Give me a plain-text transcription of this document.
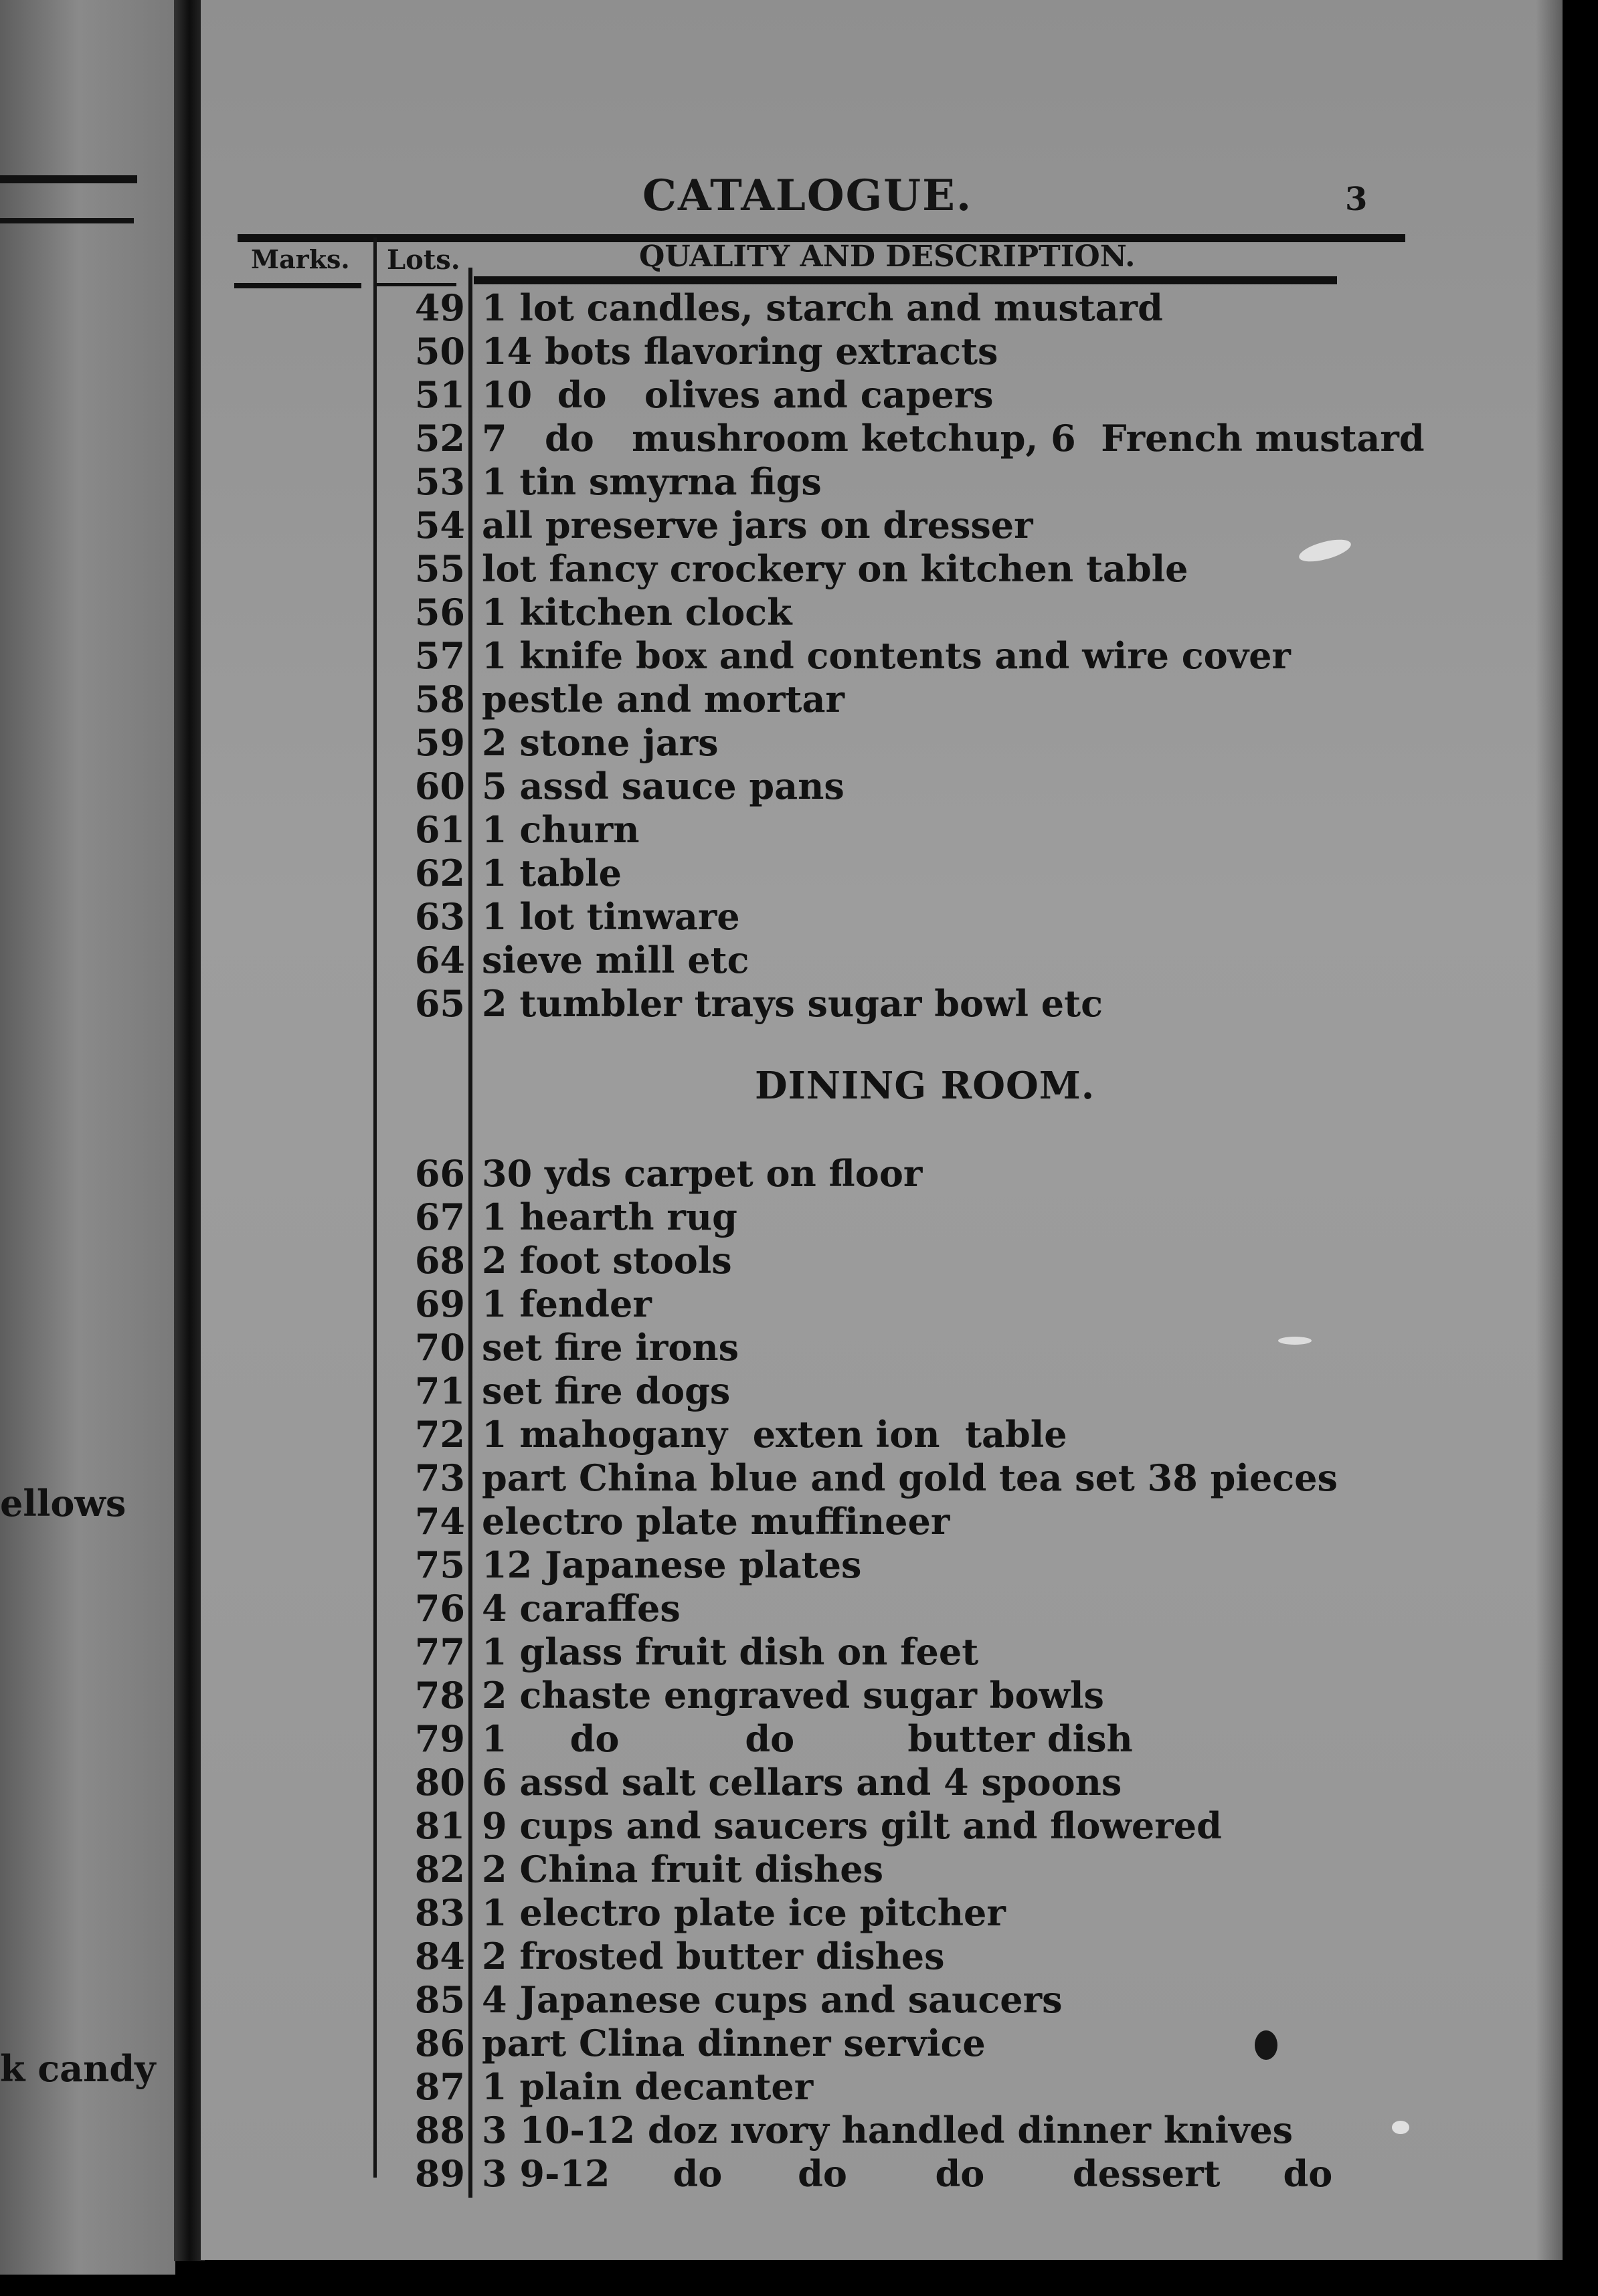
ellows
k candy
CATALOGUE.	3
Marks. Lots.	QUALITY AND DESCRIPTION.
49 1 lot candles, starch and mustard
50 14 bots flavoring extracts
51 10  do   olives and capers
52 7   do   mushroom ketchup, 6  French mustard
53 1 tin smyrna figs
54 all preserve jars on dresser
55 lot fancy crockery on kitchen table
56 1 kitchen clock
57 1 knife box and contents and wire cover
58 pestle and mortar
59 2 stone jars
60 5 assd sauce pans
61 1 churn
62 1 table
63 1 lot tinware
64 sieve mill etc
65 2 tumbler trays sugar bowl etc
DINING ROOM.
66 30 yds carpet on floor
67 1 hearth rug
68 2 foot stools
69 1 fender
70 set fire irons
71 set fire dogs
72 1 mahogany  exten ion  table
73 part China blue and gold tea set 38 pieces
74 electro plate muffineer
75 12 Japanese plates
76 4 caraffes
77 1 glass fruit dish on feet
78 2 chaste engraved sugar bowls
79 1     do          do         butter dish
80 6 assd salt cellars and 4 spoons
81 9 cups and saucers gilt and flowered
82 2 China fruit dishes
83 1 electro plate ice pitcher
84 2 frosted butter dishes
85 4 Japanese cups and saucers
86 part Clina dinner service
87 1 plain decanter
88 3 10-12 doz ıvory handled dinner knives
89 3 9-12     do      do       do       dessert     do
